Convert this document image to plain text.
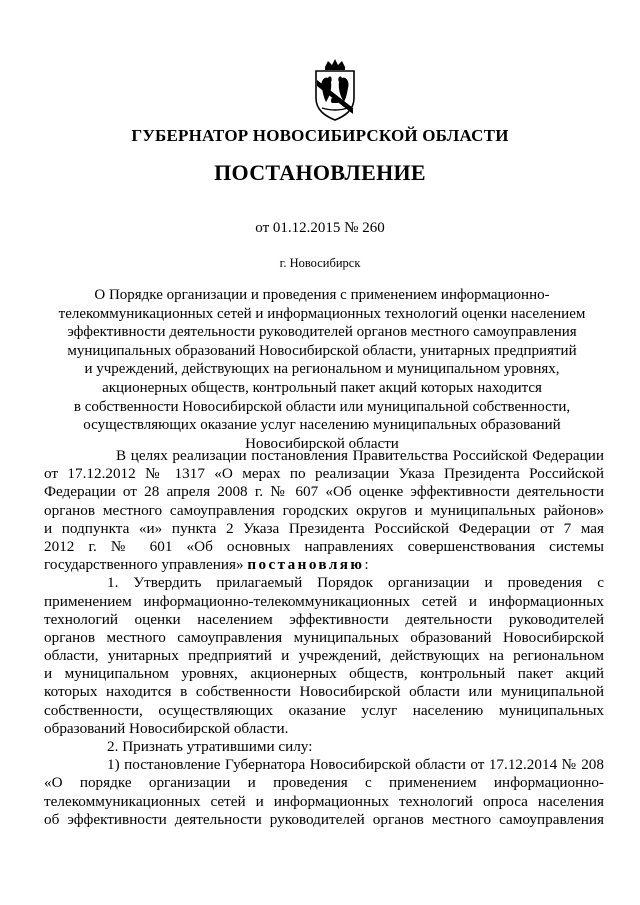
ГУБЕРНАТОР НОВОСИБИРСКОЙ ОБЛАСТИ
ПОСТАНОВЛЕНИЕ
от 01.12.2015 № 260
г. Новосибирск
О Порядке организации и проведения с применением информационно-
телекоммуникационных сетей и информационных технологий оценки населением
эффективности деятельности руководителей органов местного самоуправления
муниципальных образований Новосибирской области, унитарных предприятий
и учреждений, действующих на региональном и муниципальном уровнях,
акционерных обществ, контрольный пакет акций которых находится
в собственности Новосибирской области или муниципальной собственности,
осуществляющих оказание услуг населению муниципальных образований
Новосибирской области
В целях реализации постановления Правительства Российской Федерации
от 17.12.2012 № 1317 «О мерах по реализации Указа Президента Российской
Федерации от 28 апреля 2008 г. № 607 «Об оценке эффективности деятельности
органов местного самоуправления городских округов и муниципальных районов»
и подпункта «и» пункта 2 Указа Президента Российской Федерации от 7 мая
2012 г. № 601 «Об основных направлениях совершенствования системы
государственного управления» постановляю:
1. Утвердить прилагаемый Порядок организации и проведения с
применением информационно-телекоммуникационных сетей и информационных
технологий оценки населением эффективности деятельности руководителей
органов местного самоуправления муниципальных образований Новосибирской
области, унитарных предприятий и учреждений, действующих на региональном
и муниципальном уровнях, акционерных обществ, контрольный пакет акций
которых находится в собственности Новосибирской области или муниципальной
собственности, осуществляющих оказание услуг населению муниципальных
образований Новосибирской области.
2. Признать утратившими силу:
1) постановление Губернатора Новосибирской области от 17.12.2014 № 208
«О порядке организации и проведения с применением информационно-
телекоммуникационных сетей и информационных технологий опроса населения
об эффективности деятельности руководителей органов местного самоуправления
